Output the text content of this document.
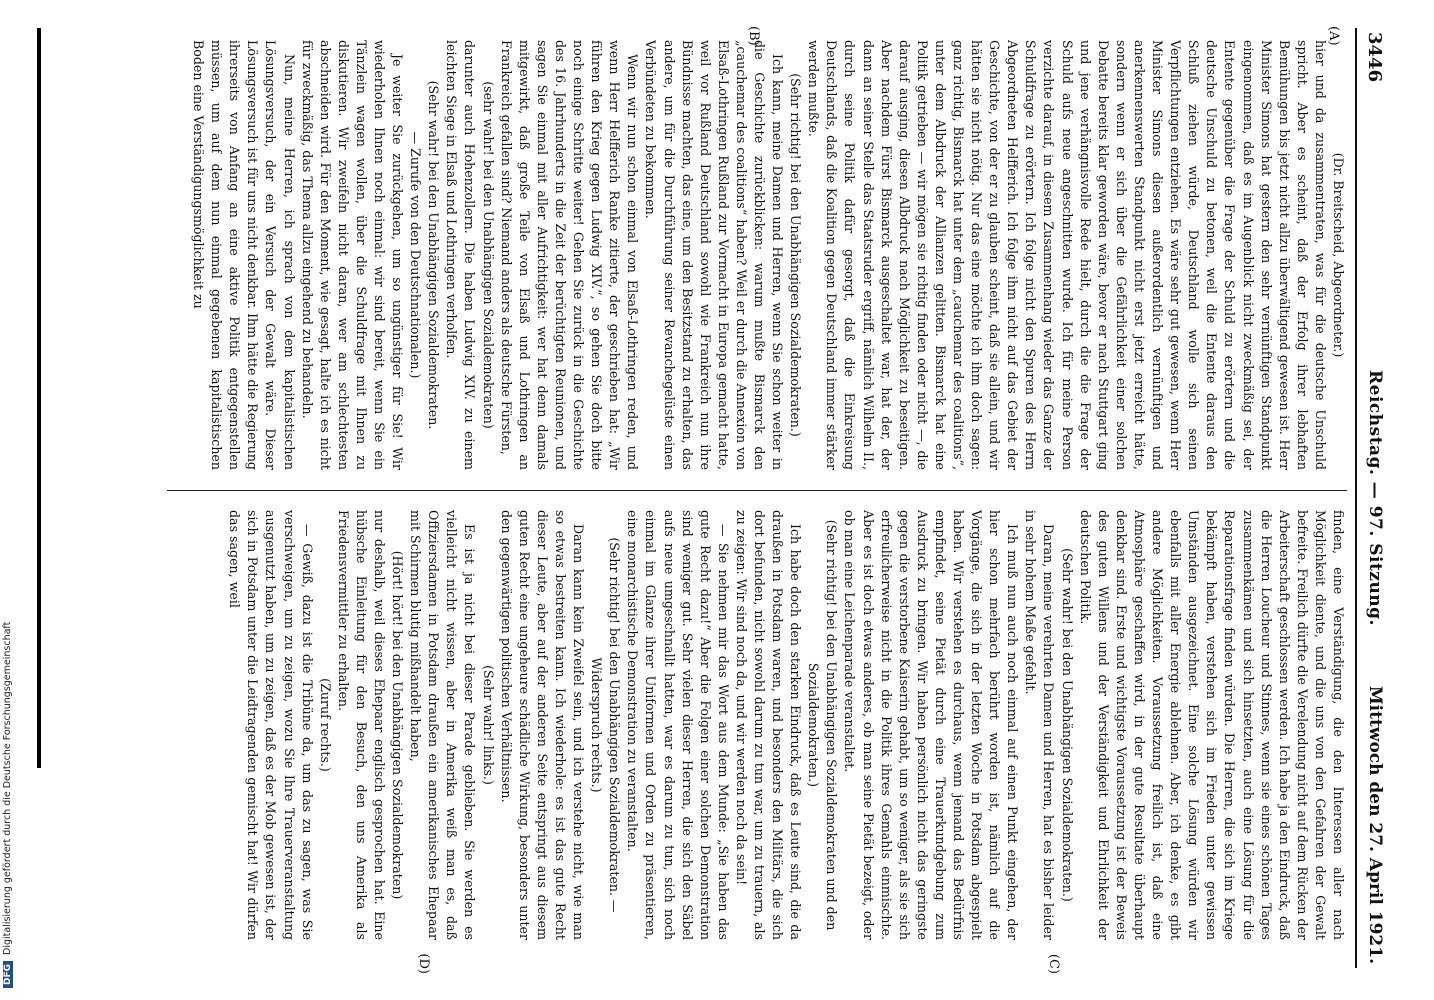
3446
Reichstag. — 97. Sitzung.
Mittwoch den 27. April 1921.
(A)
(B)
(C)
(D)

(Dr. Breitscheid, Abgeordneter.)

hier und da zusammentraten, was für die deutsche Unschuld spricht. Aber es scheint, daß der Erfolg ihrer lebhaften Bemühungen bis jetzt nicht allzu überwältigend gewesen ist. Herr Minister Simons hat gestern den sehr vernünftigen Standpunkt eingenommen, daß es im Augenblick nicht zweckmäßig sei, der Entente gegenüber die Frage der Schuld zu erörtern und die deutsche Unschuld zu betonen, weil die Entente daraus den Schluß ziehen würde, Deutschland wolle sich seinen Verpflichtungen entziehen. Es wäre sehr gut gewesen, wenn Herr Minister Simons diesen außerordentlich vernünftigen und anerkennenswerten Standpunkt nicht erst jetzt erreicht hätte, sondern wenn er sich über die Gefährlichkeit einer solchen Debatte bereits klar geworden wäre, bevor er nach Stuttgart ging und jene verhängnisvolle Rede hielt, durch die die Frage der Schuld aufs neue angeschnitten wurde. Ich für meine Person verzichte darauf, in diesem Zusammenhang wieder das Ganze der Schuldfrage zu erörtern. Ich folge nicht den Spuren des Herrn Abgeordneten Helfferich. Ich folge ihm nicht auf das Gebiet der Geschichte, von der er zu glauben scheint, daß sie allein, und wir hätten sie nicht nötig. Nur das eine möchte ich ihm doch sagen: ganz richtig, Bismarck hat unter dem „cauchemar des coalitions“, unter dem Albdruck der Allianzen gelitten. Bismarck hat eine Politik getrieben — wir mögen sie richtig finden oder nicht —, die darauf ausging, diesen Albdruck nach Möglichkeit zu beseitigen. Aber nachdem Fürst Bismarck ausgeschaltet war, hat der, der dann an seiner Stelle das Staatsruder ergriff, nämlich Wilhelm II., durch seine Politik dafür gesorgt, daß die Einkreisung Deutschlands, daß die Koalition gegen Deutschland immer stärker werden mußte.

(Sehr richtig! bei den Unabhängigen Sozialdemokraten.)

Ich kann, meine Damen und Herren, wenn Sie schon weiter in die Geschichte zurückblicken: warum mußte Bismarck den „cauchemar des coalitions“ haben? Weil er durch die Annexion von Elsaß-Lothringen Rußland zur Vormacht in Europa gemacht hatte, weil vor Rußland Deutschland sowohl wie Frankreich nun ihre Bündnisse machten, das eine, um den Besitzstand zu erhalten, das andere, um für die Durchführung seiner Revanchegelüste einen Verbündeten zu bekommen.

Wenn wir nun schon einmal von Elsaß-Lothringen reden, und wenn Herr Helfferich Ranke zitierte, der geschrieben hat: „Wir führen den Krieg gegen Ludwig XIV.“, so gehen Sie doch bitte noch einige Schritte weiter! Gehen Sie zurück in die Geschichte des 16. Jahrhunderts in die Zeit der berüchtigten Reunionen, und sagen Sie einmal mit aller Aufrichtigkeit: wer hat denn damals mitgewirkt, daß große Teile von Elsaß und Lothringen an Frankreich gefallen sind? Niemand anders als deutsche Fürsten,

(sehr wahr! bei den Unabhängigen Sozialdemokraten)

darunter auch Hohenzollern. Die haben Ludwig XIV. zu einem leichten Siege in Elsaß und Lothringen verholfen.

(Sehr wahr! bei den Unabhängigen Sozialdemokraten.

— Zurufe von den Deutschnationalen.)

Je weiter Sie zurückgehen, um so ungünstiger für Sie! Wir wiederholen Ihnen noch einmal: wir sind bereit, wenn Sie ein Tänzlein wagen wollen, über die Schuldfrage mit Ihnen zu diskutieren. Wir zweifeln nicht daran, wer am schlechtesten abschneiden wird. Für den Moment, wie gesagt, halte ich es nicht für zweckmäßig, das Thema allzu eingehend zu behandeln.

Nun, meine Herren, ich sprach von dem kapitalistischen Lösungsversuch, der ein Versuch der Gewalt wäre. Dieser Lösungsversuch ist für uns nicht denkbar. Ihm hätte die Regierung ihrerseits von Anfang an eine aktive Politik entgegenstellen müssen, um auf dem nun einmal gegebenen kapitalistischen Boden eine Verständigungsmöglichkeit zu

finden, eine Verständigung, die den Interessen aller nach Möglichkeit diente, und die uns von den Gefahren der Gewalt befreite. Freilich dürfte die Verelendung nicht auf dem Rücken der Arbeiterschaft geschlossen werden. Ich habe ja den Eindruck, daß die Herren Loucheur und Stinnes, wenn sie eines schönen Tages zusammenkämen und sich hinsetzten, auch eine Lösung für die Reparationsfrage finden würden. Die Herren, die sich im Kriege bekämpft haben, verstehen sich im Frieden unter gewissen Umständen ausgezeichnet. Eine solche Lösung würden wir ebenfalls mit aller Energie ablehnen. Aber, ich denke, es gibt andere Möglichkeiten. Voraussetzung freilich ist, daß eine Atmosphäre geschaffen wird, in der gute Resultate überhaupt denkbar sind. Erste und wichtigste Voraussetzung ist der Beweis des guten Willens und der Verständigkeit und Ehrlichkeit der deutschen Politik.

(Sehr wahr! bei den Unabhängigen Sozialdemokraten.)

Daran, meine verehrten Damen und Herren, hat es bisher leider in sehr hohem Maße gefehlt.

Ich muß nun auch noch einmal auf einen Punkt eingehen, der hier schon mehrfach berührt worden ist, nämlich auf die Vorgänge, die sich in der letzten Woche in Potsdam abgespielt haben. Wir verstehen es durchaus, wenn jemand das Bedürfnis empfindet, seine Pietät durch eine Trauerkundgebung zum Ausdruck zu bringen. Wir haben persönlich nicht das geringste gegen die verstorbene Kaiserin gehabt, um so weniger, als sie sich erfreulicherweise nicht in die Politik ihres Gemahls einmischte. Aber es ist doch etwas anderes, ob man seine Pietät bezeigt, oder ob man eine Leichenparade veranstaltet.

(Sehr richtig! bei den Unabhängigen Sozialdemokraten und den Sozialdemokraten.)

Ich habe doch den starken Eindruck, daß es Leute sind, die da draußen in Potsdam waren, und besonders den Militärs, die sich dort befunden, nicht sowohl darum zu tun war, um zu trauern, als zu zeigen: Wir sind noch da, und wir werden noch da sein!

— Sie nehmen mir das Wort aus dem Munde: „Sie haben das gute Recht dazu!“ Aber die Folgen einer solchen Demonstration sind weniger gut. Sehr vielen dieser Herren, die sich den Säbel aufs neue umgeschnallt hatten, war es darum zu tun, sich noch einmal im Glanze ihrer Uniformen und Orden zu präsentieren, eine monarchistische Demonstration zu veranstalten.

(Sehr richtig! bei den Unabhängigen Sozialdemokraten. — Widerspruch rechts.)

Daran kann kein Zweifel sein, und ich verstehe nicht, wie man so etwas bestreiten kann. Ich wiederhole: es ist das gute Recht dieser Leute, aber auf der anderen Seite entspringt aus diesem guten Recht eine ungeheure schädliche Wirkung, besonders unter den gegenwärtigen politischen Verhältnissen.

(Sehr wahr! links.)

Es ist ja nicht bei dieser Parade geblieben. Sie werden es vielleicht nicht wissen, aber in Amerika weiß man es, daß Offiziersdamen in Potsdam draußen ein amerikanisches Ehepaar mit Schirmen blutig mißhandelt haben,

(Hört! hört! bei den Unabhängigen Sozialdemokraten)

nur deshalb, weil dieses Ehepaar englisch gesprochen hat. Eine hübsche Einleitung für den Besuch, den uns Amerika als Friedensvermittler zu erhalten.

(Zuruf rechts.)

— Gewiß, dazu ist die Tribüne da, um das zu sagen, was Sie verschweigen, um zu zeigen, wozu Sie Ihre Trauerveranstaltung ausgenutzt haben, um zu zeigen, daß es der Mob gewesen ist, der sich in Potsdam unter die Leidtragenden gemischt hat! Wir dürfen das sagen, weil

DFGDigitalisierung gefördert durch die Deutsche Forschungsgemeinschaft
